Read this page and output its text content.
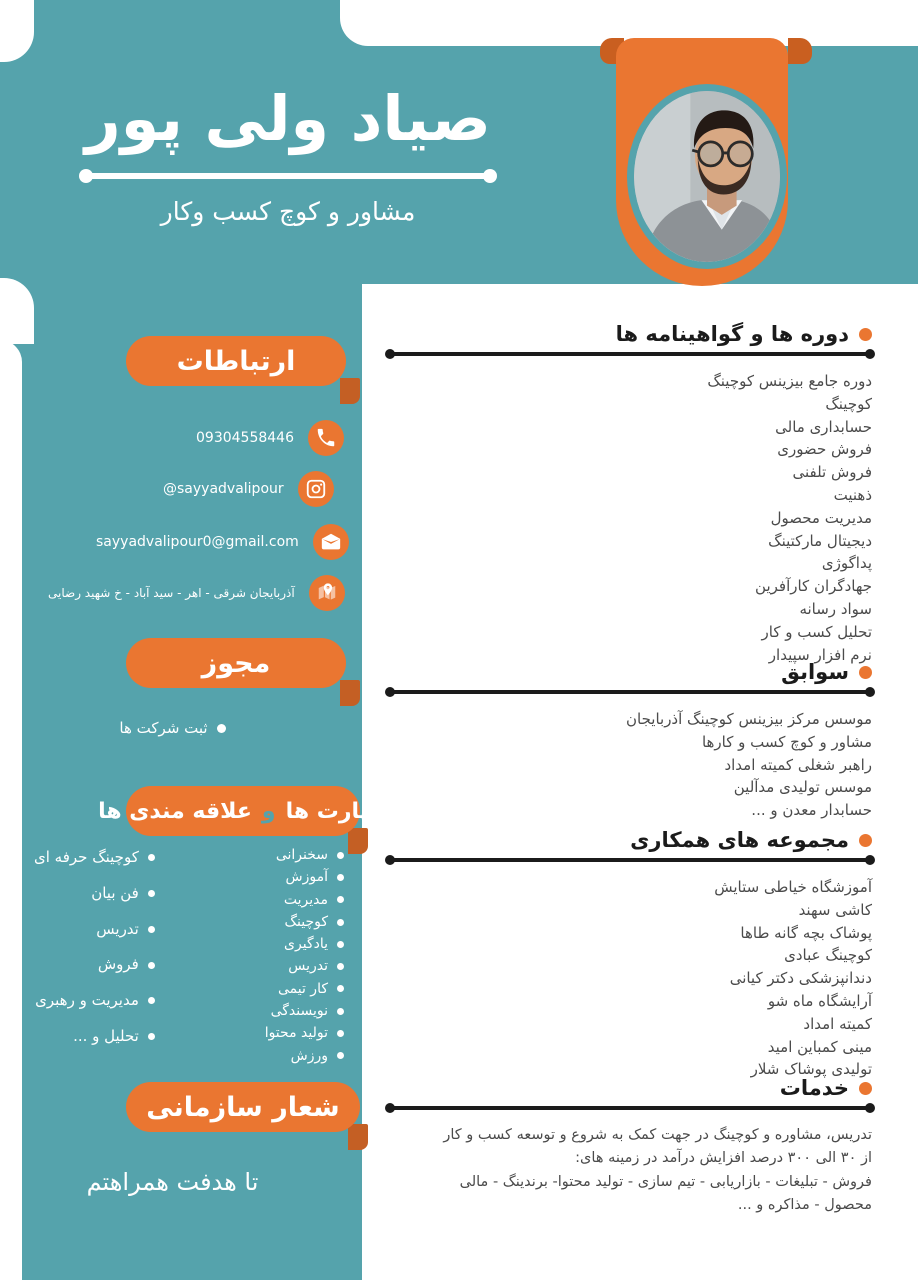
صیاد ولی پور
مشاور و کوچ کسب وکار
ارتباطات
09304558446
@sayyadvalipour
sayyadvalipour0@gmail.com
آذربایجان شرقی - اهر - سید آباد - خ شهید رضایی
مجوز
ثبت شرکت ها
مهارت ها
و
علاقه مندی ها
سخنرانی
آموزش
مدیریت
کوچینگ
یادگیری
تدریس
کار تیمی
نویسندگی
تولید محتوا
ورزش
کوچینگ حرفه ای
فن بیان
تدریس
فروش
مدیریت و رهبری
تحلیل و ...
شعار سازمانی
تا هدفت همراهتم
دوره ها و گواهینامه ها
دوره جامع بیزینس کوچینگ
کوچینگ
حسابداری مالی
فروش حضوری
فروش تلفنی
ذهنیت
مدیریت محصول
دیجیتال مارکتینگ
پداگوژی
جهادگران کارآفرین
سواد رسانه
تحلیل کسب و کار
نرم افزار سپیدار
سوابق
موسس مرکز بیزینس کوچینگ آذربایجان
مشاور و کوچ کسب و کارها
راهبر شغلی کمیته امداد
موسس تولیدی مدآلین
حسابدار معدن و ...
مجموعه های همکاری
آموزشگاه خیاطی ستایش
کاشی سهند
پوشاک بچه گانه طاها
کوچینگ عبادی
دندانپزشکی دکتر کیانی
آرایشگاه ماه شو
کمیته امداد
مینی کمباین امید
تولیدی پوشاک شلار
خدمات
تدریس، مشاوره و کوچینگ در جهت کمک به شروع و توسعه کسب و کار
از ۳۰ الی ۳۰۰ درصد افزایش درآمد در زمینه های:
فروش - تبلیغات - بازاریابی - تیم سازی - تولید محتوا- برندینگ - مالی
محصول - مذاکره و ...
